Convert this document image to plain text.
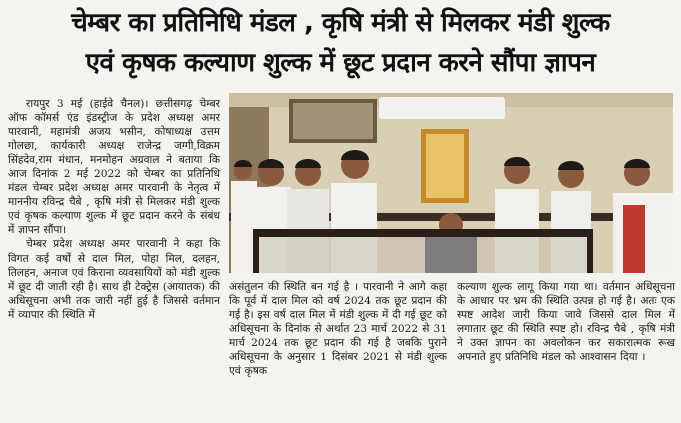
चेम्बर का प्रतिनिधि मंडल , कृषि मंत्री से मिलकर मंडी शुल्क
एवं कृषक कल्याण शुल्क में छूट प्रदान करने सौंपा ज्ञापन

रायपुर 3 मई (हाईवे चैनल)। छत्तीसगढ़ चेम्बर ऑफ कॉमर्स एंड इंडस्ट्रीज के प्रदेश अध्यक्ष अमर पारवानी, महामंत्री अजय भसीन, कोषाध्यक्ष उत्तम गोलछा, कार्यकारी अध्यक्ष राजेन्द्र जग्गी,विक्रम सिंहदेव,राम मंधान, मनमोहन अग्रवाल ने बताया कि आज दिनांक 2 मई 2022 को चेम्बर का प्रतिनिधि मंडल चेम्बर प्रदेश अध्यक्ष अमर पारवानी के नेतृत्व में माननीय रविन्द्र चैबे , कृषि मंत्री से मिलकर मंडी शुल्क एवं कृषक कल्याण शुल्क में छूट प्रदान करने के संबंध में ज्ञापन सौंपा।

चेम्बर प्रदेश अध्यक्ष अमर पारवानी ने कहा कि विगत कई वर्षो से दाल मिल, पोहा मिल, दलहन, तिलहन, अनाज एवं किराना व्यवसायियों को मंडी शुल्क में छूट दी जाती रही है। साथ ही टेक्ट्रेस (आयातक) की अधिसूचना अभी तक जारी नहीं हुई है जिससे वर्तमान में व्यापार की स्थिति में

असंतुलन की स्थिति बन गई है । पारवानी ने आगे कहा कि पूर्व में दाल मिल को वर्ष 2024 तक छूट प्रदान की गई है। इस वर्ष दाल मिल में मंडी शुल्क में दी गई छूट को अधिसूचना के दिनांक से अर्थात 23 मार्च 2022 से 31 मार्च 2024 तक छूट प्रदान की गई है जबकि पुराने अधिसूचना के अनुसार 1 दिसंबर 2021 से मंडी शुल्क एवं कृषक

कल्याण शुल्क लागू किया गया था। वर्तमान अधिसूचना के आधार पर भ्रम की स्थिति उत्पन्न हो गई है। अतः एक स्पष्ट आदेश जारी किया जावे जिससे दाल मिल में लगातार छूट की स्थिति स्पष्ट हो। रविन्द्र चैबे , कृषि मंत्री ने उक्त ज्ञापन का अवलोकन कर सकारात्मक रूख अपनाते हुए प्रतिनिधि मंडल को आश्वासन दिया ।
